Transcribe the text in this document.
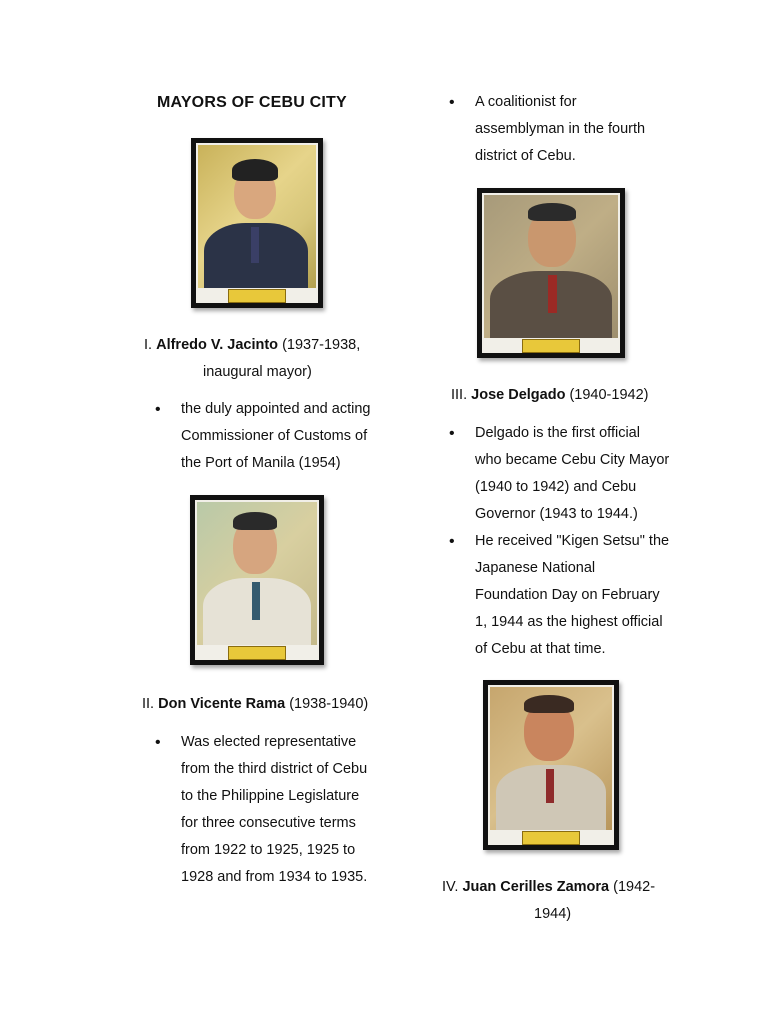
MAYORS OF CEBU CITY
I. Alfredo V. Jacinto (1937-1938,
inaugural mayor)
• the duly appointed and acting
Commissioner of Customs of
the Port of Manila (1954)
II. Don Vicente Rama (1938-1940)
• Was elected representative
from the third district of Cebu
to the Philippine Legislature
for three consecutive terms
from 1922 to 1925, 1925 to
1928 and from 1934 to 1935.
• A coalitionist for
assemblyman in the fourth
district of Cebu.
III. Jose Delgado (1940-1942)
• Delgado is the first official
who became Cebu City Mayor
(1940 to 1942) and Cebu
Governor (1943 to 1944.)
• He received "Kigen Setsu" the
Japanese National
Foundation Day on February
1, 1944 as the highest official
of Cebu at that time.
IV. Juan Cerilles Zamora (1942-
1944)
